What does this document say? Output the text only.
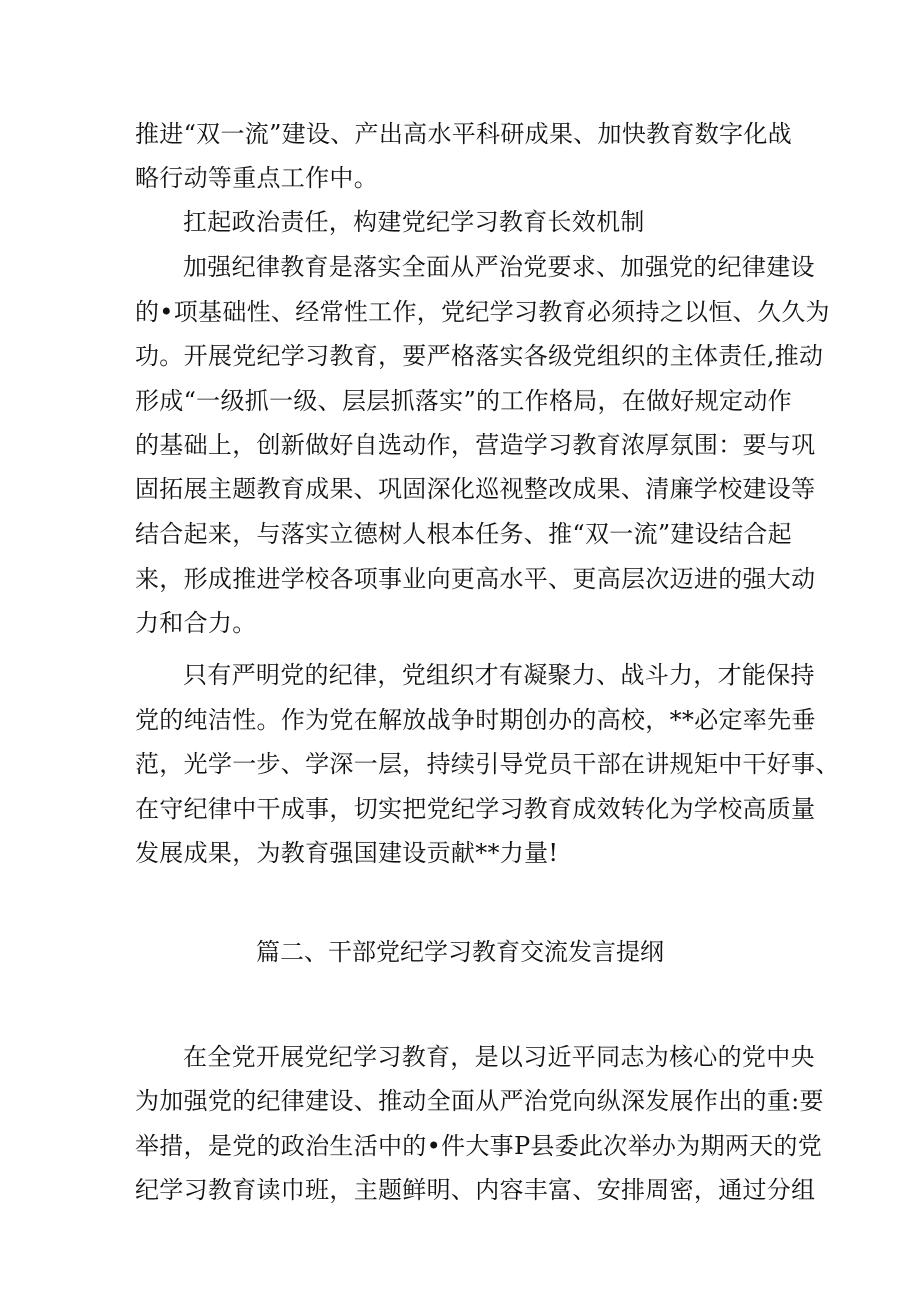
推进“双一流”建设、产出高水平科研成果、加快教育数字化战
略行动等重点工作中。
扛起政治责任，构建党纪学习教育长效机制
加强纪律教育是落实全面从严治党要求、加强党的纪律建设
的•项基础性、经常性工作，党纪学习教育必须持之以恒、久久为
功。开展党纪学习教育，要严格落实各级党组织的主体责任,推动
形成“一级抓一级、层层抓落实”的工作格局，在做好规定动作
的基础上，创新做好自选动作，营造学习教育浓厚氛围：要与巩
固拓展主题教育成果、巩固深化巡视整改成果、清廉学校建设等
结合起来，与落实立德树人根本任务、推“双一流”建设结合起
来，形成推进学校各项事业向更高水平、更高层次迈进的强大动
力和合力。
只有严明党的纪律，党组织才有凝聚力、战斗力，才能保持
党的纯洁性。作为党在解放战争时期创办的高校，**必定率先垂
范，光学一步、学深一层，持续引导党员干部在讲规矩中干好事、
在守纪律中干成事，切实把党纪学习教育成效转化为学校高质量
发展成果，为教育强国建设贡献**力量!
篇二、干部党纪学习教育交流发言提纲
在全党开展党纪学习教育，是以习近平同志为核心的党中央
为加强党的纪律建设、推动全面从严治党向纵深发展作出的重:要
举措，是党的政治生活中的•件大事P县委此次举办为期两天的党
纪学习教育读巾班，主题鲜明、内容丰富、安排周密，通过分组
